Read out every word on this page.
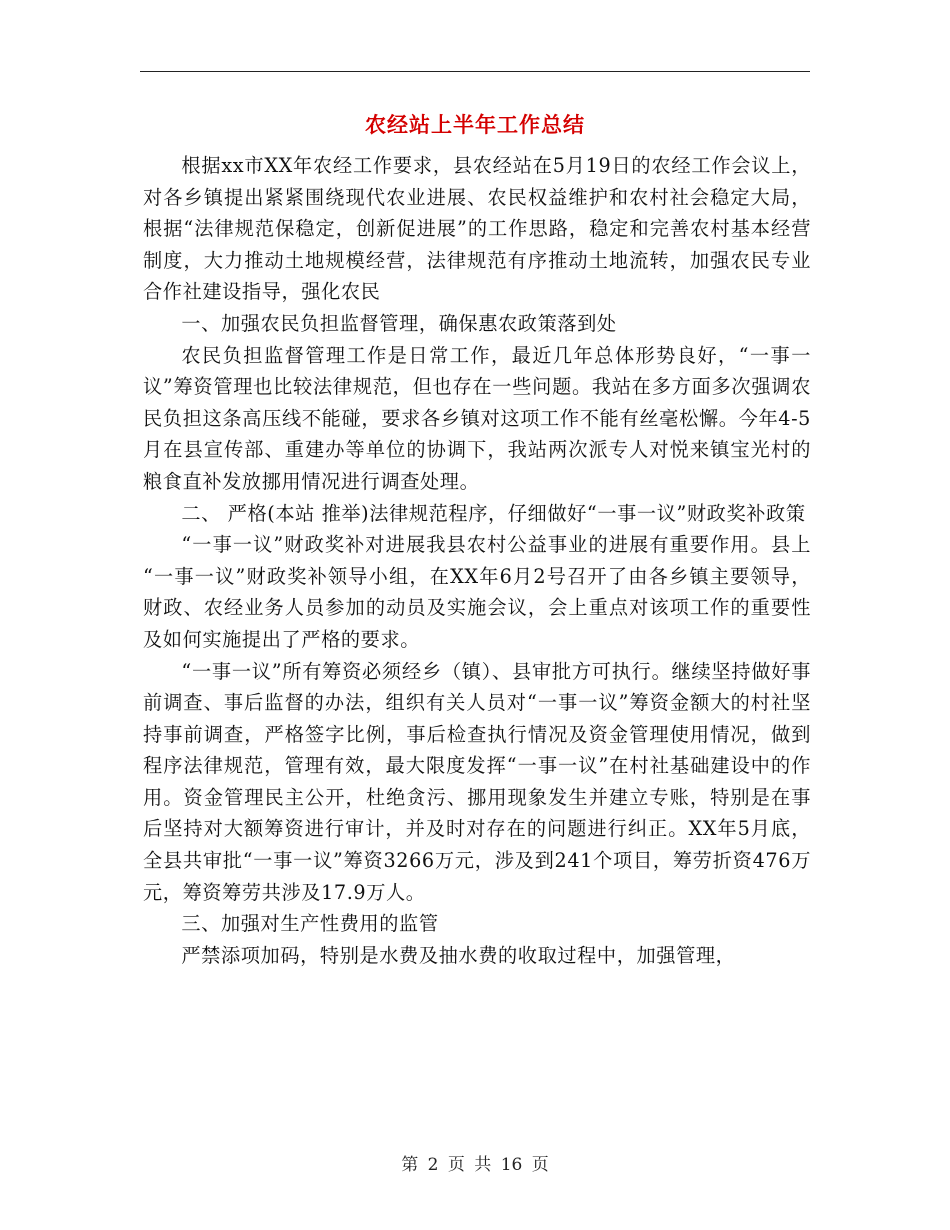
农经站上半年工作总结

根据xx市XX年农经工作要求，县农经站在5月19日的农经工作会议上，对各乡镇提出紧紧围绕现代农业进展、农民权益维护和农村社会稳定大局，根据“法律规范保稳定，创新促进展”的工作思路，稳定和完善农村基本经营制度，大力推动土地规模经营，法律规范有序推动土地流转，加强农民专业合作社建设指导，强化农民

一、加强农民负担监督管理，确保惠农政策落到处

农民负担监督管理工作是日常工作，最近几年总体形势良好，“一事一议”筹资管理也比较法律规范，但也存在一些问题。我站在多方面多次强调农民负担这条高压线不能碰，要求各乡镇对这项工作不能有丝毫松懈。今年4-5月在县宣传部、重建办等单位的协调下，我站两次派专人对悦来镇宝光村的粮食直补发放挪用情况进行调查处理。

二、 严格(本站 推举)法律规范程序，仔细做好“一事一议”财政奖补政策

“一事一议”财政奖补对进展我县农村公益事业的进展有重要作用。县上 “一事一议”财政奖补领导小组，在XX年6月2号召开了由各乡镇主要领导，财政、农经业务人员参加的动员及实施会议，会上重点对该项工作的重要性及如何实施提出了严格的要求。

“一事一议”所有筹资必须经乡（镇）、县审批方可执行。继续坚持做好事前调查、事后监督的办法，组织有关人员对“一事一议”筹资金额大的村社坚持事前调查，严格签字比例，事后检查执行情况及资金管理使用情况，做到程序法律规范，管理有效，最大限度发挥“一事一议”在村社基础建设中的作用。资金管理民主公开，杜绝贪污、挪用现象发生并建立专账，特别是在事后坚持对大额筹资进行审计，并及时对存在的问题进行纠正。XX年5月底，全县共审批“一事一议”筹资3266万元，涉及到241个项目，筹劳折资476万元，筹资筹劳共涉及17.9万人。

三、加强对生产性费用的监管

严禁添项加码，特别是水费及抽水费的收取过程中，加强管理，

第 2 页 共 16 页
